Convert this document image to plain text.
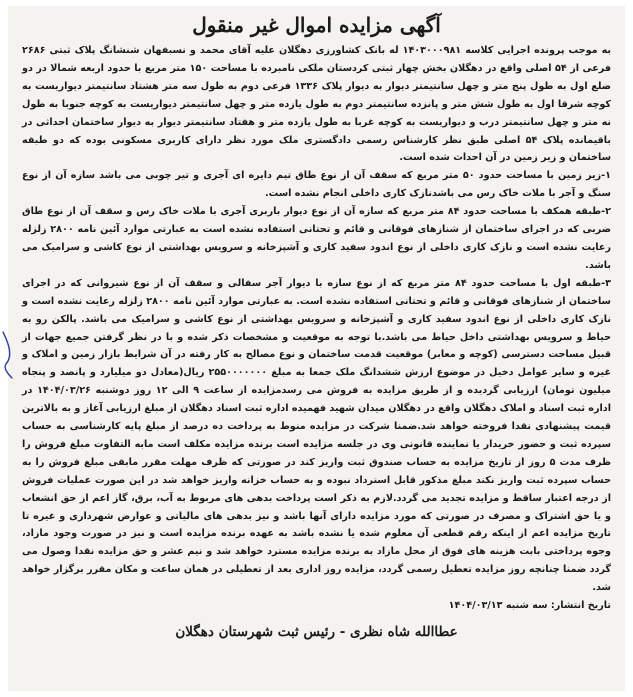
آگهی مزایده اموال غیر منقول

به موجب پرونده اجرایی کلاسه ۱۴۰۳۰۰۰۹۸۱ له بانک کشاورزی دهگلان علیه آقای محمد و نسبفهان شنشانگ پلاک ثبتی ۲۶۸۶ فرعی از ۵۴ اصلی واقع در دهگلان بخش چهار ثبتی کردستان ملکی نامبرده با مساحت ۱۵۰ متر مربع با حدود اربعه شمالا در دو ضلع اول به طول پنج متر و چهل سانتیمتر دیوار به دیوار پلاک ۱۳۳۶ فرعی دوم به طول سه متر هشتاد سانتیمتر دیواریست به کوچه شرقا اول به طول شش متر و پانزده سانتیمتر دوم به طول یازده متر و چهل سانتیمتر دیواریست به کوچه جنوبا به طول نه متر و چهل سانتیمتر درب و دیواریست به کوچه غربا به طول یازده متر و هفتاد سانتیمتر دیوار به دیوار ساختمان احداثی در باقیمانده پلاک ۵۴ اصلی طبق نظر کارشناس رسمی دادگستری ملک مورد نظر دارای کاربری مسکونی بوده که دو طبقه ساختمان و زیر زمین در آن احداث شده است.

۱-زیر زمین با مساحت حدود ۵۰ متر مربع که سقف آن از نوع طاق تیم دایره ای آجری و تیر چوبی می باشد سازه آن از نوع سنگ و آجر با ملات خاک رس می باشدنازک کاری داخلی انجام نشده است.

۲-طبقه همکف با مساحت حدود ۸۴ متر مربع که سازه آن از نوع دیوار باربری آجری با ملات خاک رس و سقف آن از نوع طاق ضربی که در اجرای ساختمان از شنازهای فوقانی و قائم و تحتانی استفاده نشده است به عبارتی موارد آئین نامه ۲۸۰۰ زلزله رعایت نشده است و نازک کاری داخلی از نوع اندود سفید کاری و آشپزخانه و سرویس بهداشتی از نوع کاشی و سرامیک می باشد.

۳-طبقه اول با مساحت حدود ۸۴ متر مربع که از نوع سازه با دیوار آجر سفالی و سقف آن از نوع شیروانی که در اجرای ساختمان از شنازهای فوقانی و قائم و تحتانی استفاده نشده است. به عبارتی موارد آئین نامه ۲۸۰۰ زلزله رعایت نشده است و نازک کاری داخلی از نوع اندود سفید کاری و آشپزخانه و سرویس بهداشتی از نوع کاشی و سرامیک می باشد. پالکن رو به حیاط و سرویس بهداشتی داخل حیاط می باشد.با توجه به موقعیت و مشخصات ذکر شده و با در نظر گرفتن جمیع جهات از قبیل مساحت دسترسی (کوچه و معابر) موقعیت قدمت ساختمان و نوع مصالح به کار رفته در آن شرایط بازار زمین و املاک و غیره و سایر عوامل دخیل در موضوع ارزش ششدانگ ملک جمعا به مبلغ ۲۵۵۰۰۰۰۰۰۰ ریال(معادل دو میلیارد و پانصد و پنجاه میلیون تومان) ارزیابی گردیده و از طریق مزایده به فروش می رسدمزایده از ساعت ۹ الی ۱۲ روز دوشنبه ۱۴۰۴/۰۳/۲۶ در اداره ثبت اسناد و املاک دهگلان واقع در دهگلان میدان شهید فهمیده اداره ثبت اسناد دهگلان از مبلغ ارزیابی آغاز و به بالاترین قیمت پیشنهادی نقدا فروخته خواهد شد.ضمنا شرکت در مزایده منوط به پرداخت ده درصد از مبلغ پایه کارشناسی به حساب سپرده ثبت و حضور خریدار یا نماینده قانونی وی در جلسه مزایده است برنده مزایده مکلف است مابه التفاوت مبلغ فروش را ظرف مدت ۵ روز از تاریخ مزایده به حساب صندوق ثبت واریز کند در صورتی که ظرف مهلت مقرر مابقی مبلغ فروش را به حساب سپرده ثبت واریز نکند مبلغ مذکور قابل استرداد نبوده و به حساب خزانه واریز خواهد شد در این صورت عملیات فروش از درجه اعتبار ساقط و مزایده تجدید می گردد.لازم به ذکر است پرداخت بدهی های مربوط به آب، برق، گاز اعم از حق انشعاب و یا حق اشتراک و مصرف در صورتی که مورد مزایده دارای آنها باشد و نیز بدهی های مالیاتی و عوارض شهرداری و غیره تا تاریخ مزایده اعم از اینکه رقم قطعی آن معلوم شده یا نشده باشد به عهده برنده مزایده است و نیز در صورت وجود مازاد، وجوه پرداختی بابت هزینه های فوق از محل مازاد به برنده مزایده مسترد خواهد شد و نیم عشر و حق مزایده نقدا وصول می گردد ضمنا چنانچه روز مزایده تعطیل رسمی گردد، مزایده روز اداری بعد از تعطیلی در همان ساعت و مکان مقرر برگزار خواهد شد.

تاریخ انتشار: سه شنبه ۱۴۰۴/۰۳/۱۳

عطاالله شاه نظری - رئیس ثبت شهرستان دهگلان
